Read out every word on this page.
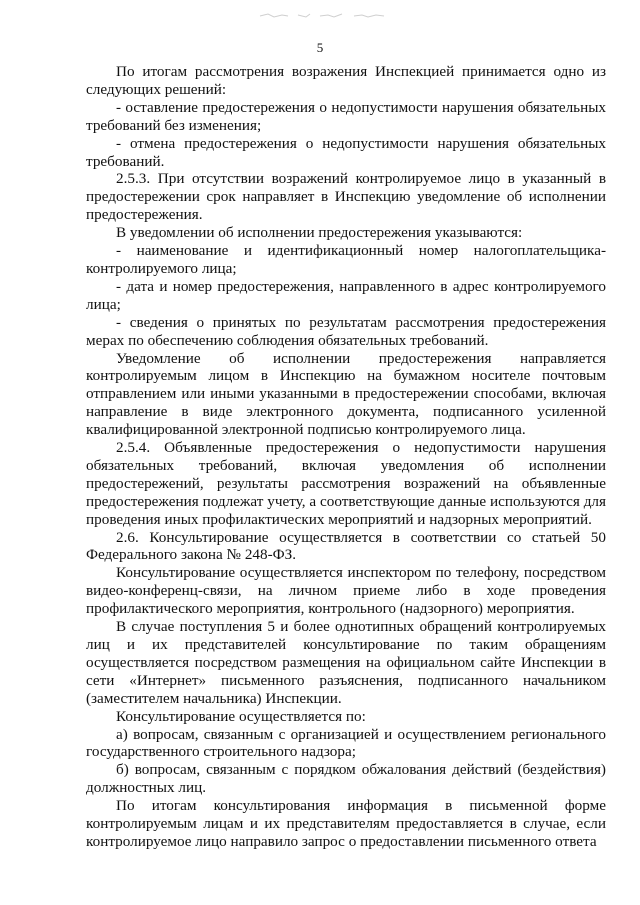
5

По итогам рассмотрения возражения Инспекцией принимается одно из следующих решений:

- оставление предостережения о недопустимости нарушения обязательных требований без изменения;

- отмена предостережения о недопустимости нарушения обязательных требований.

2.5.3. При отсутствии возражений контролируемое лицо в указанный в предостережении срок направляет в Инспекцию уведомление об исполнении предостережения.

В уведомлении об исполнении предостережения указываются:

- наименование и идентификационный номер налогоплательщика-контролируемого лица;

- дата и номер предостережения, направленного в адрес контролируемого лица;

- сведения о принятых по результатам рассмотрения предостережения мерах по обеспечению соблюдения обязательных требований.

Уведомление об исполнении предостережения направляется контролируемым лицом в Инспекцию на бумажном носителе почтовым отправлением или иными указанными в предостережении способами, включая направление в виде электронного документа, подписанного усиленной квалифицированной электронной подписью контролируемого лица.

2.5.4. Объявленные предостережения о недопустимости нарушения обязательных требований, включая уведомления об исполнении предостережений, результаты рассмотрения возражений на объявленные предостережения подлежат учету, а соответствующие данные используются для проведения иных профилактических мероприятий и надзорных мероприятий.

2.6. Консультирование осуществляется в соответствии со статьей 50 Федерального закона № 248-ФЗ.

Консультирование осуществляется инспектором по телефону, посредством видео-конференц-связи, на личном приеме либо в ходе проведения профилактического мероприятия, контрольного (надзорного) мероприятия.

В случае поступления 5 и более однотипных обращений контролируемых лиц и их представителей консультирование по таким обращениям осуществляется посредством размещения на официальном сайте Инспекции в сети «Интернет» письменного разъяснения, подписанного начальником (заместителем начальника) Инспекции.

Консультирование осуществляется по:

а) вопросам, связанным с организацией и осуществлением регионального государственного строительного надзора;

б) вопросам, связанным с порядком обжалования действий (бездействия) должностных лиц.

По итогам консультирования информация в письменной форме контролируемым лицам и их представителям предоставляется в случае, если контролируемое лицо направило запрос о предоставлении письменного ответа
